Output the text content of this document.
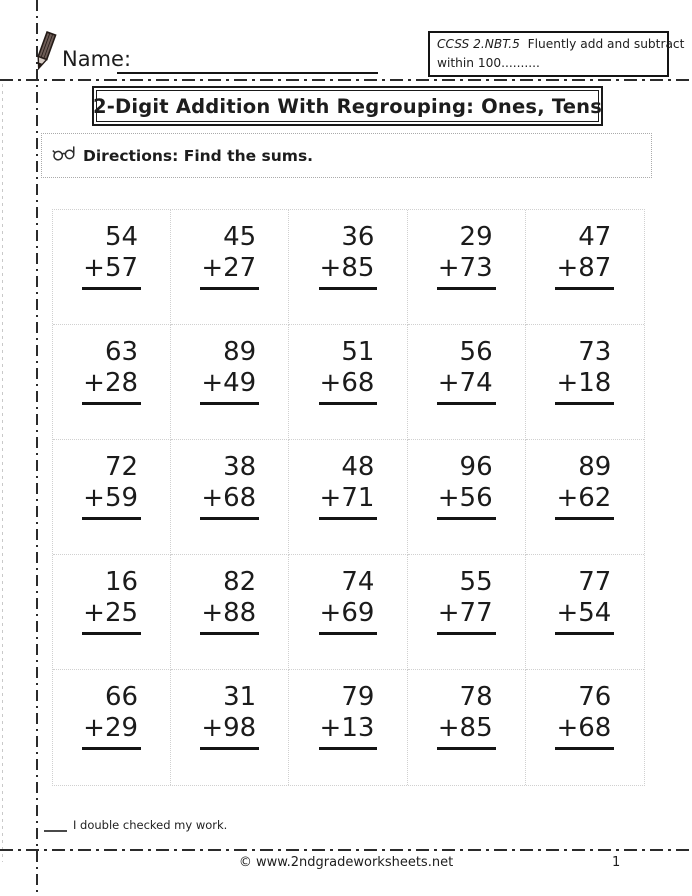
Name:
CCSS 2.NBT.5 Fluently add and subtract
within 100..........
2-Digit Addition With Regrouping: Ones, Tens
Directions: Find the sums.
54
+57
45
+27
36
+85
29
+73
47
+87
63
+28
89
+49
51
+68
56
+74
73
+18
72
+59
38
+68
48
+71
96
+56
89
+62
16
+25
82
+88
74
+69
55
+77
77
+54
66
+29
31
+98
79
+13
78
+85
76
+68
I double checked my work.
© www.2ndgradeworksheets.net	1
